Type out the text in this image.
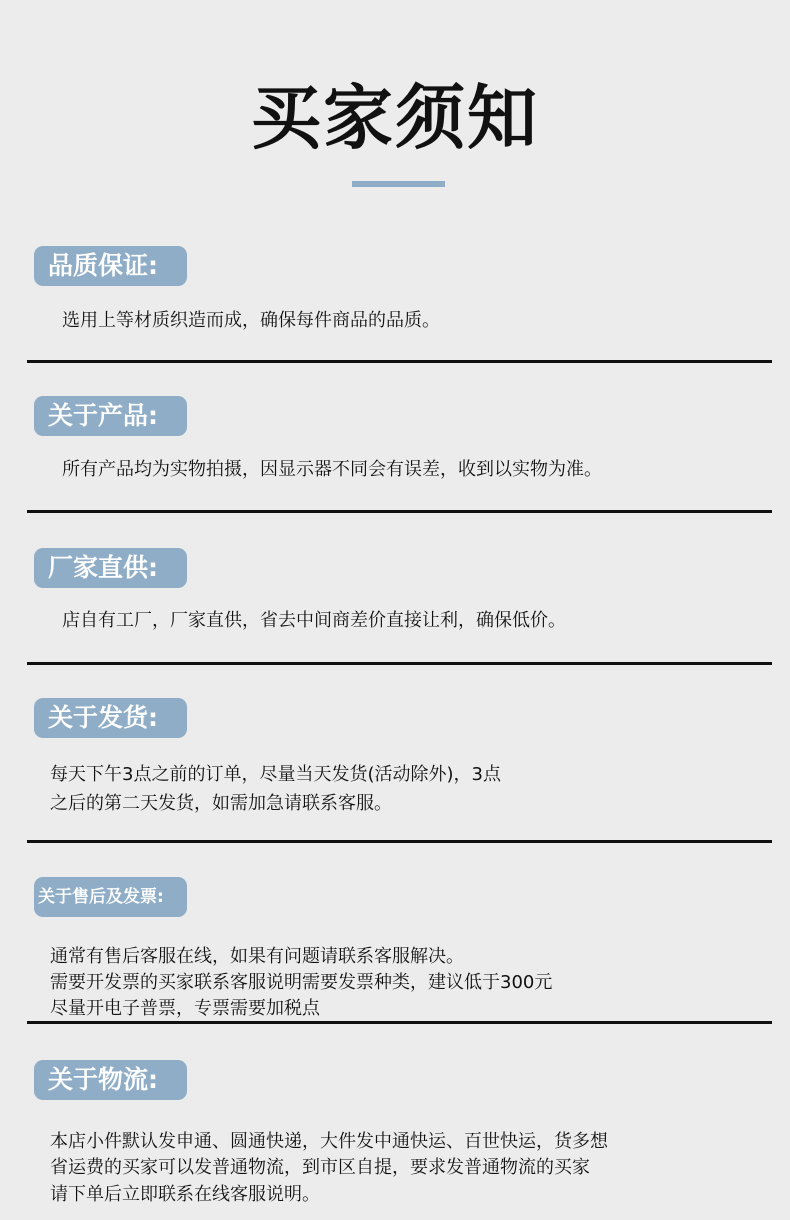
买家须知
品质保证:
选用上等材质织造而成，确保每件商品的品质。
关于产品:
所有产品均为实物拍摄，因显示器不同会有误差，收到以实物为准。
厂家直供:
店自有工厂，厂家直供，省去中间商差价直接让利，确保低价。
关于发货:
每天下午3点之前的订单，尽量当天发货(活动除外)，3点
之后的第二天发货，如需加急请联系客服。
关于售后及发票:
通常有售后客服在线，如果有问题请联系客服解决。
需要开发票的买家联系客服说明需要发票种类，建议低于300元
尽量开电子普票，专票需要加税点
关于物流:
本店小件默认发申通、圆通快递，大件发中通快运、百世快运，货多想
省运费的买家可以发普通物流，到市区自提，要求发普通物流的买家
请下单后立即联系在线客服说明。
